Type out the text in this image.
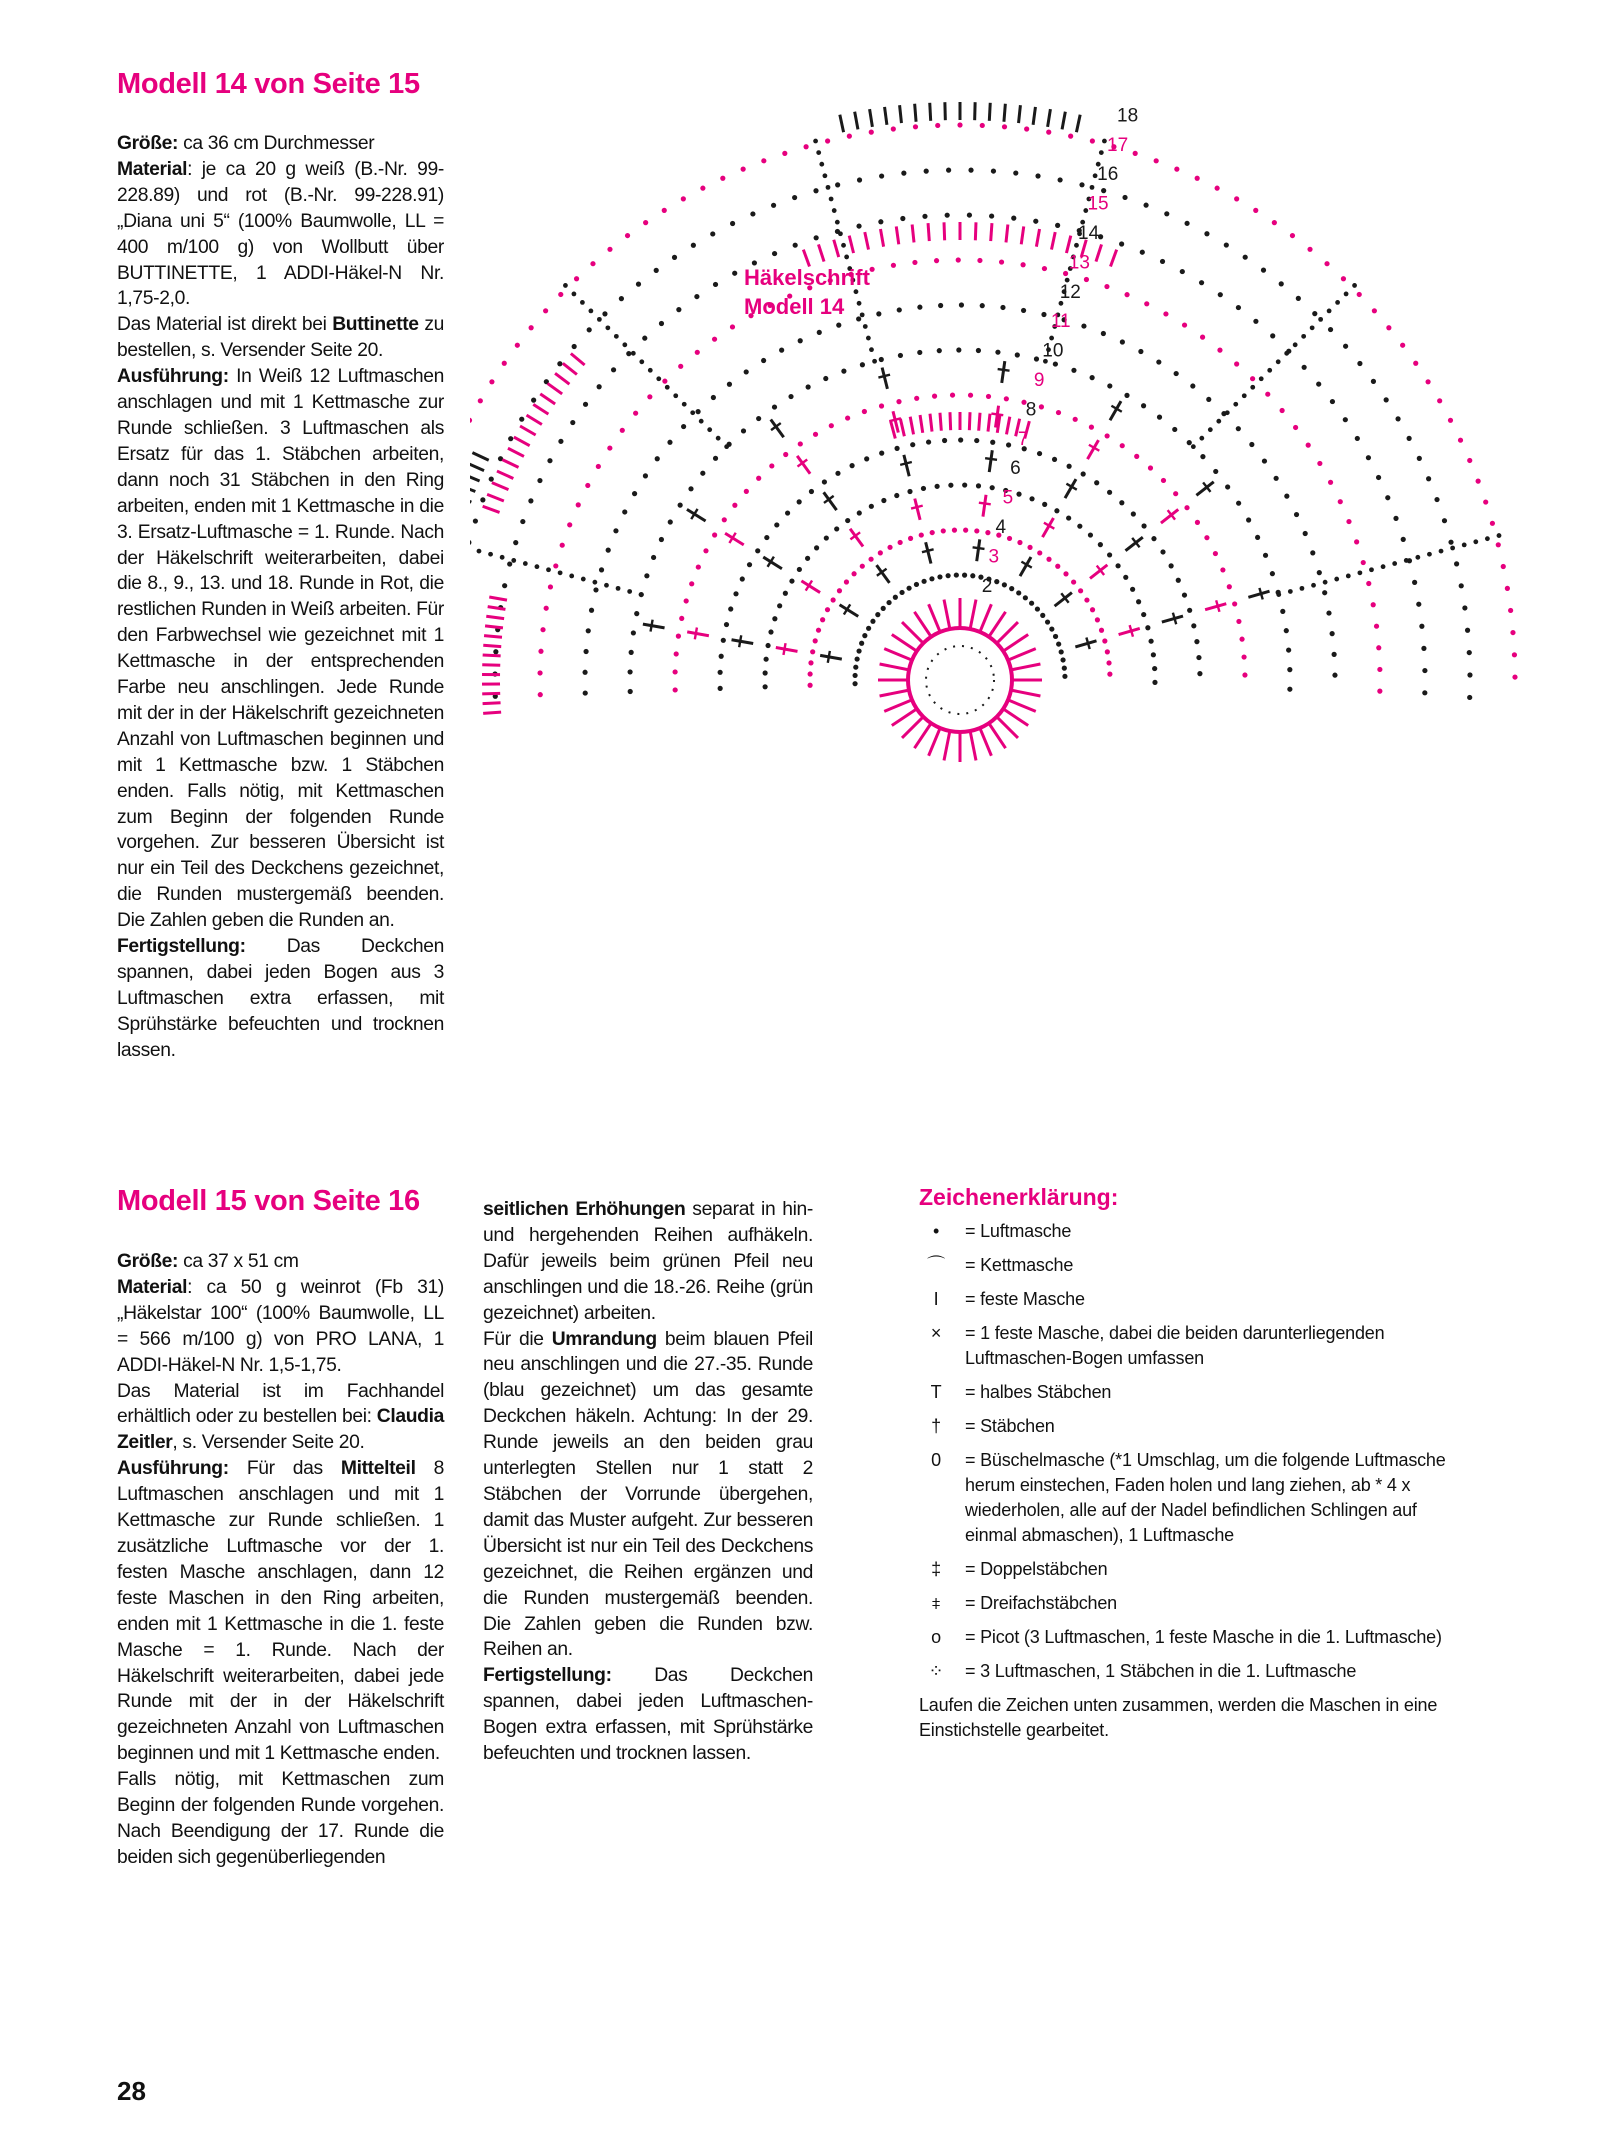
Modell 14 von Seite 15

Größe: ca 36 cm Durchmesser
Material: je ca 20 g weiß (B.-Nr. 99-228.89) und rot (B.-Nr. 99-228.91) „Diana uni 5“ (100% Baumwolle, LL = 400 m/100 g) von Wollbutt über BUTTINETTE, 1 ADDI-Häkel-N Nr. 1,75-2,0.
Das Material ist direkt bei Buttinette zu bestellen, s. Versender Seite 20.
Ausführung: In Weiß 12 Luftmaschen anschlagen und mit 1 Kettmasche zur Runde schließen. 3 Luftmaschen als Ersatz für das 1. Stäbchen arbeiten, dann noch 31 Stäbchen in den Ring arbeiten, enden mit 1 Kettmasche in die 3. Ersatz-Luftmasche = 1. Runde. Nach der Häkelschrift weiterarbeiten, dabei die 8., 9., 13. und 18. Runde in Rot, die restlichen Runden in Weiß arbeiten. Für den Farbwechsel wie gezeichnet mit 1 Kettmasche in der entsprechenden Farbe neu anschlingen. Jede Runde mit der in der Häkelschrift gezeichneten Anzahl von Luftmaschen beginnen und mit 1 Kettmasche bzw. 1 Stäbchen enden. Falls nötig, mit Kettmaschen zum Beginn der folgenden Runde vorgehen. Zur besseren Übersicht ist nur ein Teil des Deckchens gezeichnet, die Runden mustergemäß beenden. Die Zahlen geben die Runden an.
Fertigstellung: Das Deckchen spannen, dabei jeden Bogen aus 3 Luftmaschen extra erfassen, mit Sprühstärke befeuchten und trocknen lassen.

2
3
4
5
6
7
8
9
10
11
12
13
14
15
16
17
18
Häkelschrift
Modell 14
Modell 15 von Seite 16

Größe: ca 37 x 51 cm
Material: ca 50 g weinrot (Fb 31) „Häkelstar 100“ (100% Baumwolle, LL = 566 m/100 g) von PRO LANA, 1 ADDI-Häkel-N Nr. 1,5-1,75.
Das Material ist im Fachhandel erhältlich oder zu bestellen bei: Claudia Zeitler, s. Versender Seite 20.
Ausführung: Für das Mittelteil 8 Luftmaschen anschlagen und mit 1 Kettmasche zur Runde schließen. 1 zusätzliche Luftmasche vor der 1. festen Masche anschlagen, dann 12 feste Maschen in den Ring arbeiten, enden mit 1 Kettmasche in die 1. feste Masche = 1. Runde. Nach der Häkelschrift weiterarbeiten, dabei jede Runde mit der in der Häkelschrift gezeichneten Anzahl von Luftmaschen beginnen und mit 1 Kettmasche enden.
Falls nötig, mit Kettmaschen zum Beginn der folgenden Runde vorgehen. Nach Beendigung der 17. Runde die beiden sich gegenüberliegenden

seitlichen Erhöhungen separat in hin- und hergehenden Reihen aufhäkeln. Dafür jeweils beim grünen Pfeil neu anschlingen und die 18.-26. Reihe (grün gezeichnet) arbeiten.
Für die Umrandung beim blauen Pfeil neu anschlingen und die 27.-35. Runde (blau gezeichnet) um das gesamte Deckchen häkeln. Achtung: In der 29. Runde jeweils an den beiden grau unterlegten Stellen nur 1 statt 2 Stäbchen der Vorrunde übergehen, damit das Muster aufgeht. Zur besseren Übersicht ist nur ein Teil des Deckchens gezeichnet, die Reihen ergänzen und die Runden mustergemäß beenden. Die Zahlen geben die Runden bzw. Reihen an.
Fertigstellung: Das Deckchen spannen, dabei jeden Luftmaschen-Bogen extra erfassen, mit Sprühstärke befeuchten und trocknen lassen.

Zeichenerklärung:
•	= Luftmasche
⌒	= Kettmasche
I	= feste Masche
×	= 1 feste Masche, dabei die beiden darunterliegenden Luftmaschen-Bogen umfassen
T	= halbes Stäbchen
†	= Stäbchen
0	= Büschelmasche (*1 Umschlag, um die folgende Luftmasche herum einstechen, Faden holen und lang ziehen, ab * 4 x wiederholen, alle auf der Nadel befindlichen Schlingen auf einmal abmaschen), 1 Luftmasche
‡	= Doppelstäbchen
⧧	= Dreifachstäbchen
ᴏ	= Picot (3 Luftmaschen, 1 feste Masche in die 1. Luftmasche)
⁘	= 3 Luftmaschen, 1 Stäbchen in die 1. Luftmasche
Laufen die Zeichen unten zusammen, werden die Maschen in eine Einstichstelle gearbeitet.
28
